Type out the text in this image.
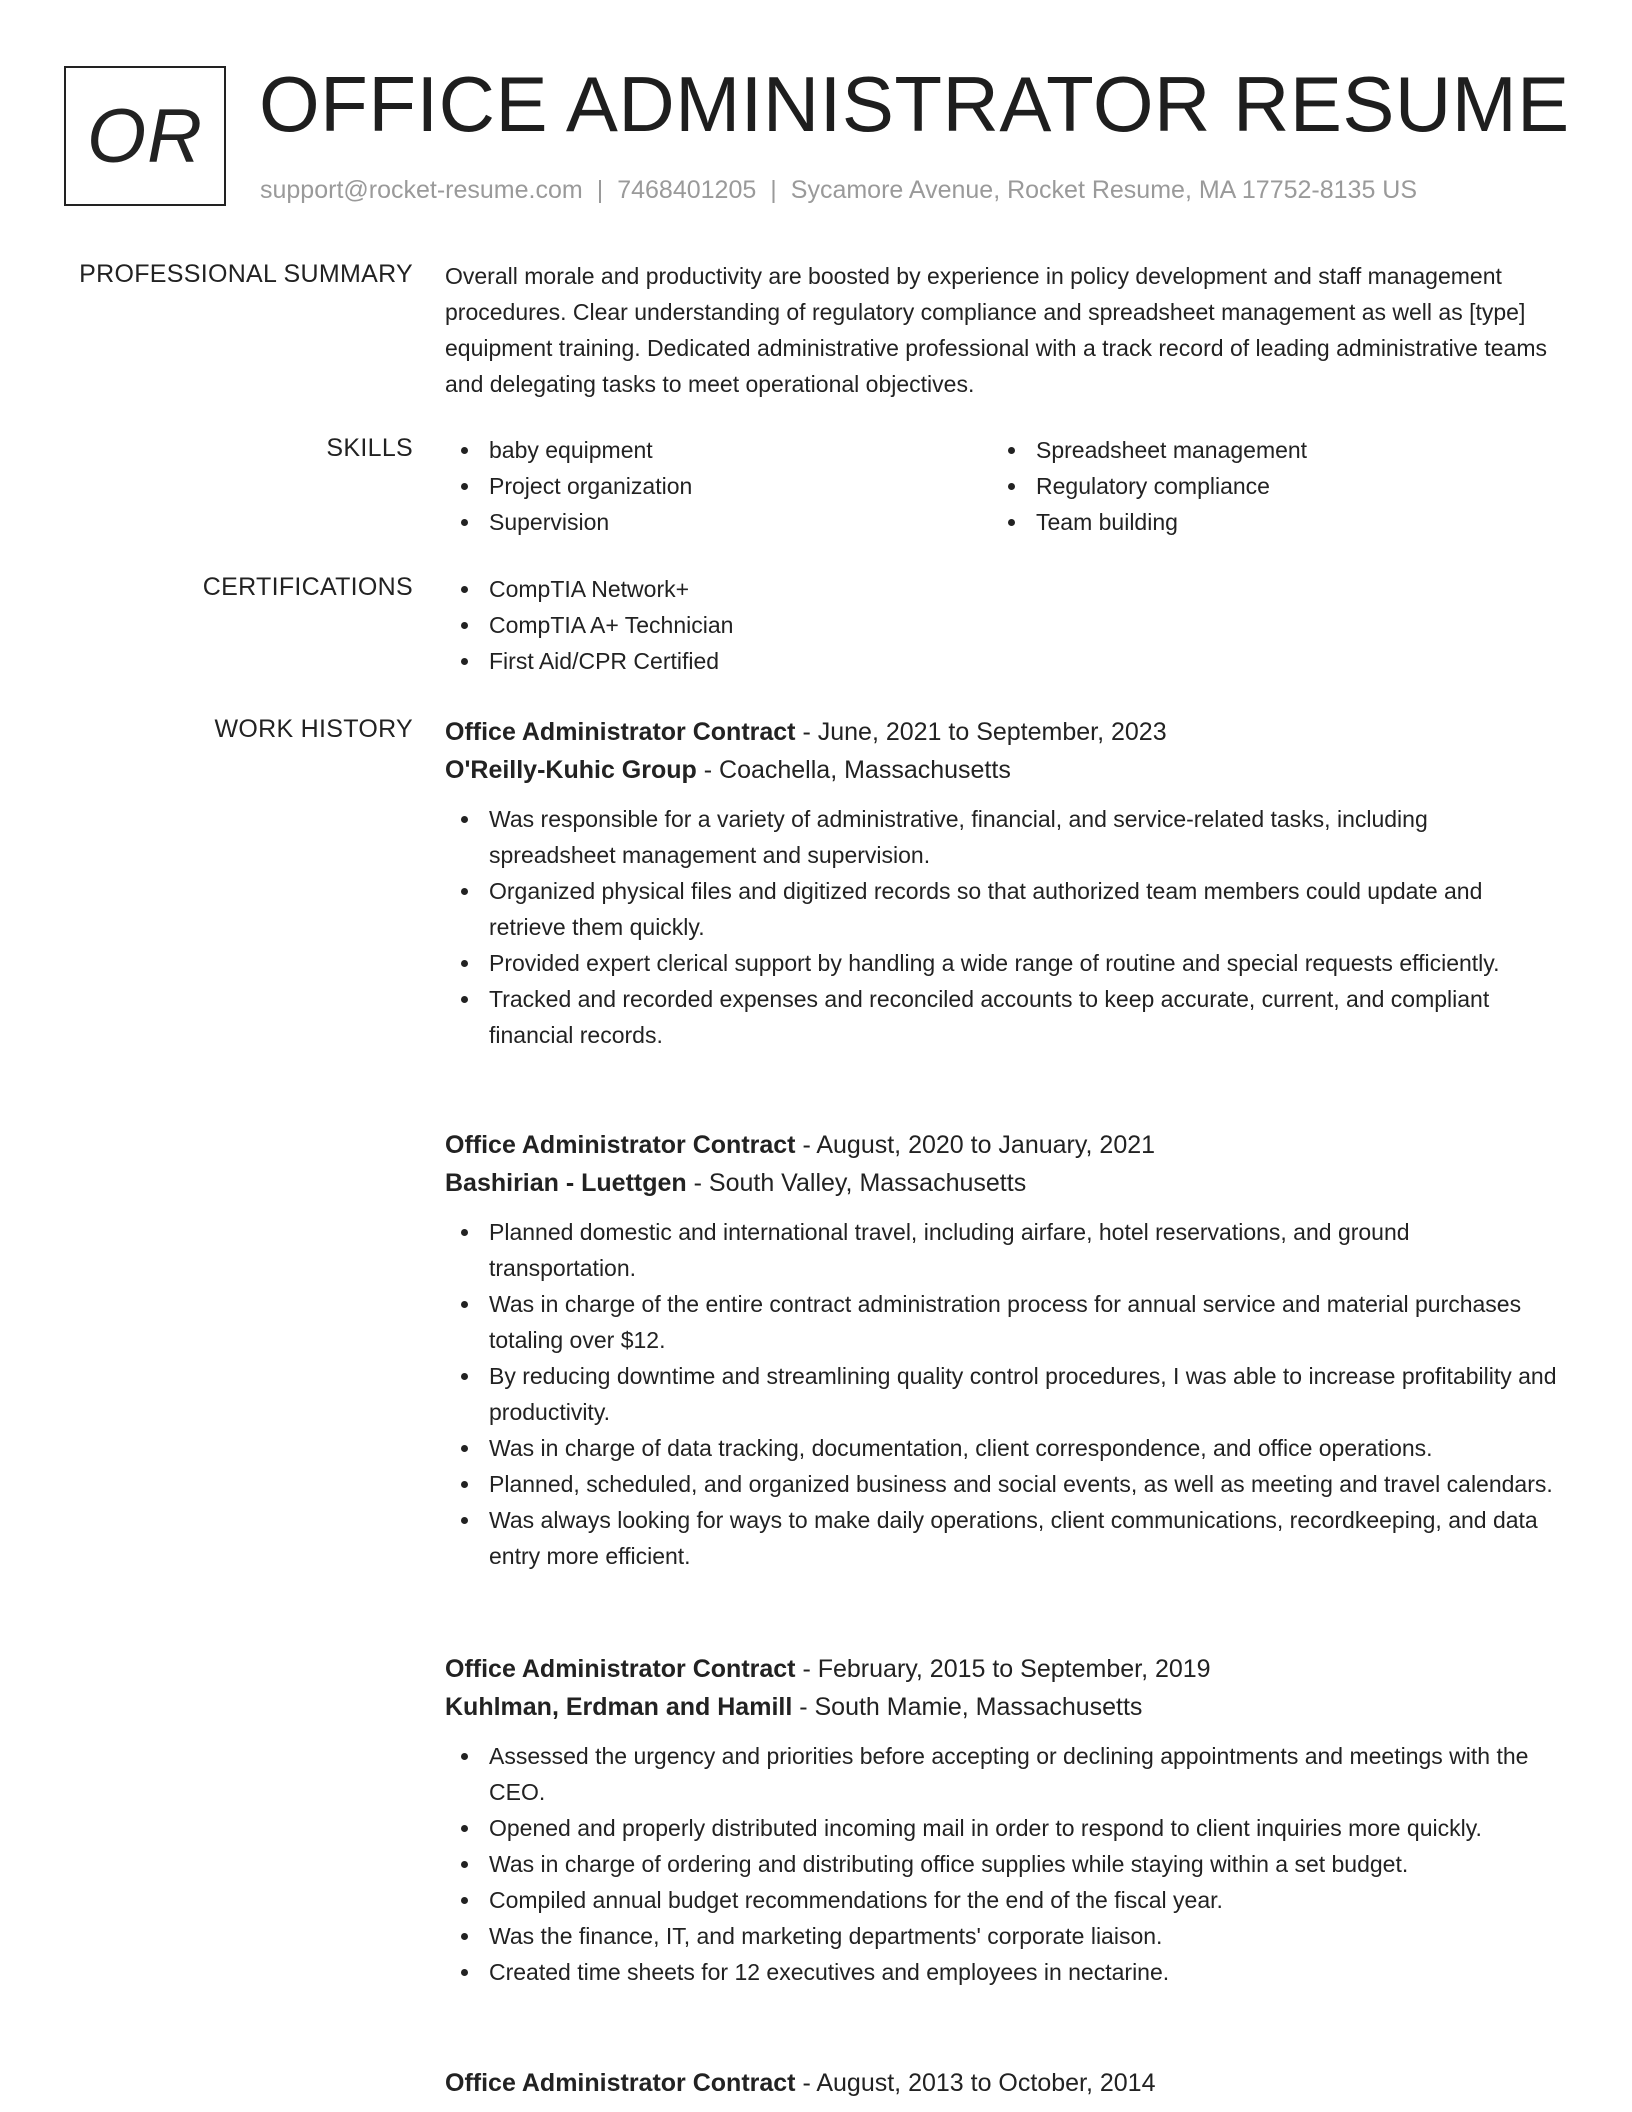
OR OFFICE ADMINISTRATOR RESUME
support@rocket-resume.com | 7468401205 | Sycamore Avenue, Rocket Resume, MA 17752-8135 US
PROFESSIONAL SUMMARY Overall morale and productivity are boosted by experience in policy development and staff management procedures. Clear understanding of regulatory compliance and spreadsheet management as well as [type] equipment training. Dedicated administrative professional with a track record of leading administrative teams and delegating tasks to meet operational objectives.

SKILLS	baby equipment
Project organization
Supervision
Spreadsheet management
Regulatory compliance
Team building
CERTIFICATIONS	CompTIA Network+
CompTIA A+ Technician
First Aid/CPR Certified
WORK HISTORY Office Administrator Contract - June, 2021 to September, 2023
O'Reilly-Kuhic Group - Coachella, Massachusetts
Was responsible for a variety of administrative, financial, and service-related tasks, including spreadsheet management and supervision.
Organized physical files and digitized records so that authorized team members could update and retrieve them quickly.
Provided expert clerical support by handling a wide range of routine and special requests efficiently.
Tracked and recorded expenses and reconciled accounts to keep accurate, current, and compliant financial records.
Office Administrator Contract - August, 2020 to January, 2021
Bashirian - Luettgen - South Valley, Massachusetts
Planned domestic and international travel, including airfare, hotel reservations, and ground transportation.
Was in charge of the entire contract administration process for annual service and material purchases totaling over $12.
By reducing downtime and streamlining quality control procedures, I was able to increase profitability and productivity.
Was in charge of data tracking, documentation, client correspondence, and office operations.
Planned, scheduled, and organized business and social events, as well as meeting and travel calendars.
Was always looking for ways to make daily operations, client communications, recordkeeping, and data entry more efficient.
Office Administrator Contract - February, 2015 to September, 2019
Kuhlman, Erdman and Hamill - South Mamie, Massachusetts
Assessed the urgency and priorities before accepting or declining appointments and meetings with the CEO.
Opened and properly distributed incoming mail in order to respond to client inquiries more quickly.
Was in charge of ordering and distributing office supplies while staying within a set budget.
Compiled annual budget recommendations for the end of the fiscal year.
Was the finance, IT, and marketing departments' corporate liaison.
Created time sheets for 12 executives and employees in nectarine.
Office Administrator Contract - August, 2013 to October, 2014
